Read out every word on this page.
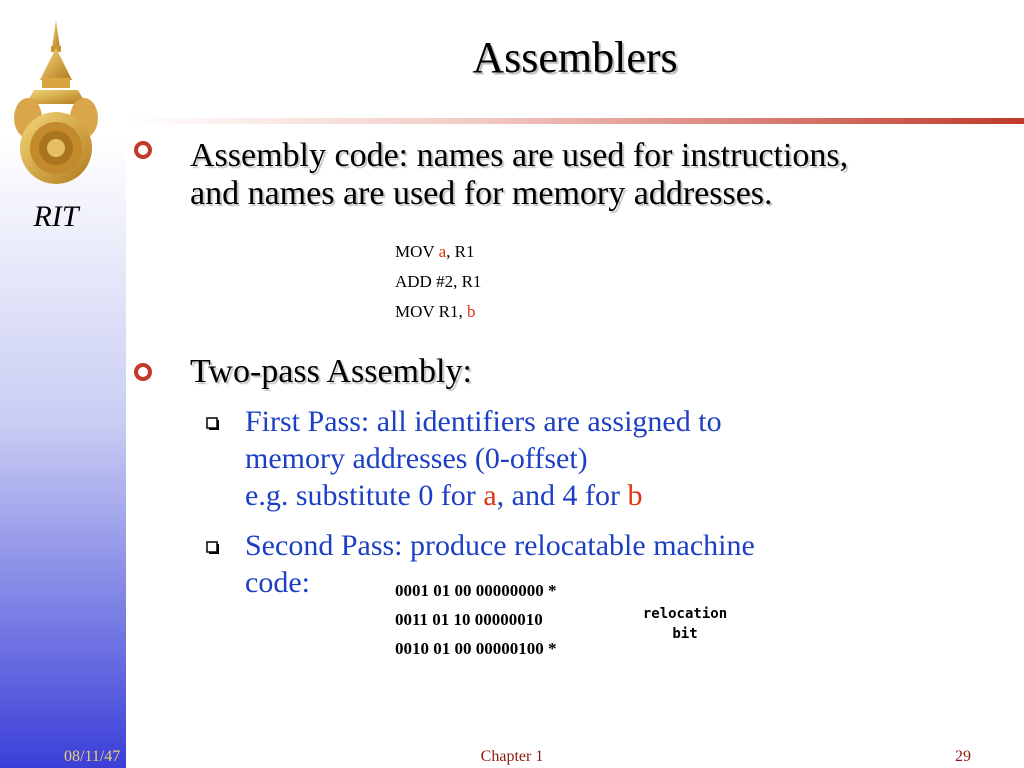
RIT
Assemblers
Assembly code: names are used for instructions,
and names are used for memory addresses.
MOV a, R1
ADD #2, R1
MOV R1, b
Two-pass Assembly:
First Pass: all identifiers are assigned to
memory addresses (0-offset)
e.g. substitute 0 for a, and 4 for b
Second Pass: produce relocatable machine
code:	0001 01 00 00000000 *
0011 01 10 00000010
0010 01 00 00000100 *
relocation
bit
08/11/47	Chapter 1	29
